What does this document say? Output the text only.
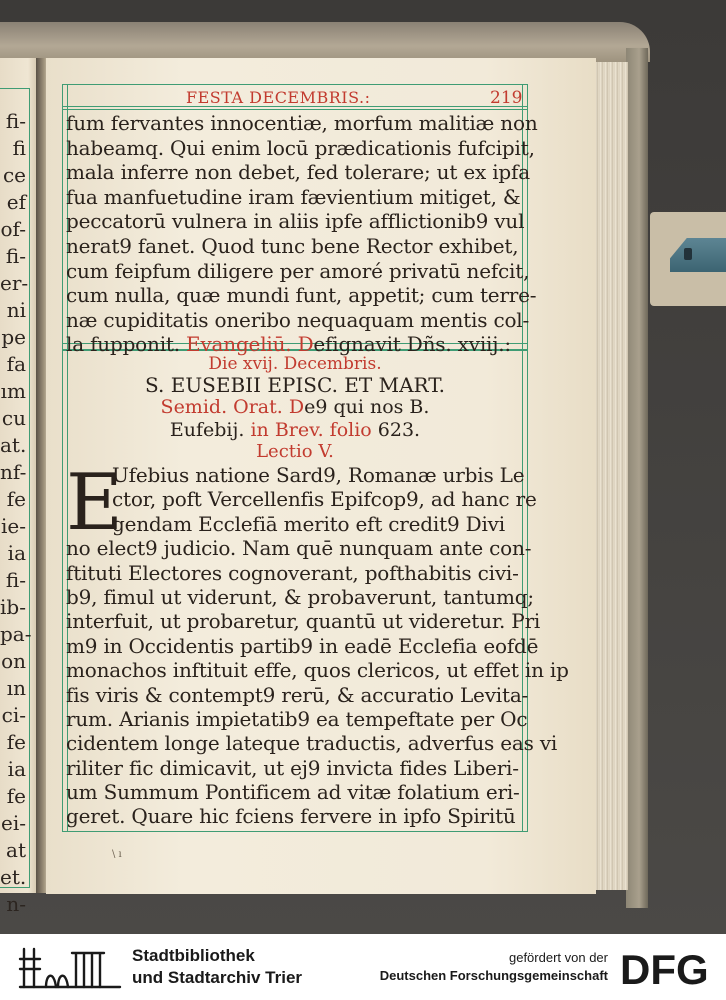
fi-
fi
ce
ef
of-
fi-
er-
ni
pe
fa
ım
cu
at.
nf-
fe
ie-
ia
fi-
ib-
pa-
on
ın
ci-
fe
ia
fe
ei-
at
et.
n-
FESTA DECEMBRIS.:	219
fum fervantes innocentiæ, morfum malitiæ non
habeamq. Qui enim locū prædicationis fufcipit,
mala inferre non debet, fed tolerare; ut ex ipfa
fua manfuetudine iram fævientium mitiget, &
peccatorū vulnera in aliis ipfe afflictionib9 vul
nerat9 fanet. Quod tunc bene Rector exhibet,
cum feipfum diligere per amoré privatū nefcit,
cum nulla, quæ mundi funt, appetit; cum terre-
næ cupiditatis oneribo nequaquam mentis col-
la fupponit. Evangeliū. Defignavit Dñs. xviij.:
Die xvij. Decembris.
S. EUSEBII EPISC. ET MART.
Semid. Orat. De9 qui nos B.
Eufebij. in Brev. folio 623.
Lectio V.
E
Ufebius natione Sard9, Romanæ urbis Le
ctor, poft Vercellenfis Epifcop9, ad hanc re
gendam Ecclefiā merito eft credit9 Divi
no elect9 judicio. Nam quē nunquam ante con-
ftituti Electores cognoverant, pofthabitis civi-
b9, fimul ut viderunt, & probaverunt, tantumq;
interfuit, ut probaretur, quantū ut videretur. Pri
m9 in Occidentis partib9 in eadē Ecclefia eofdē
monachos inftituit effe, quos clericos, ut effet in ip
fis viris & contempt9 rerū, & accuratio Levita-
rum. Arianis impietatib9 ea tempeftate per Oc
cidentem longe lateque traductis, adverfus eas vi
riliter fic dimicavit, ut ej9 invicta fides Liberi-
um Summum Pontificem ad vitæ folatium eri-
geret. Quare hic fciens fervere in ipfo Spiritū
\ ı
Stadtbibliothek
und Stadtarchiv Trier
gefördert von der
Deutschen Forschungsgemeinschaft DFG
